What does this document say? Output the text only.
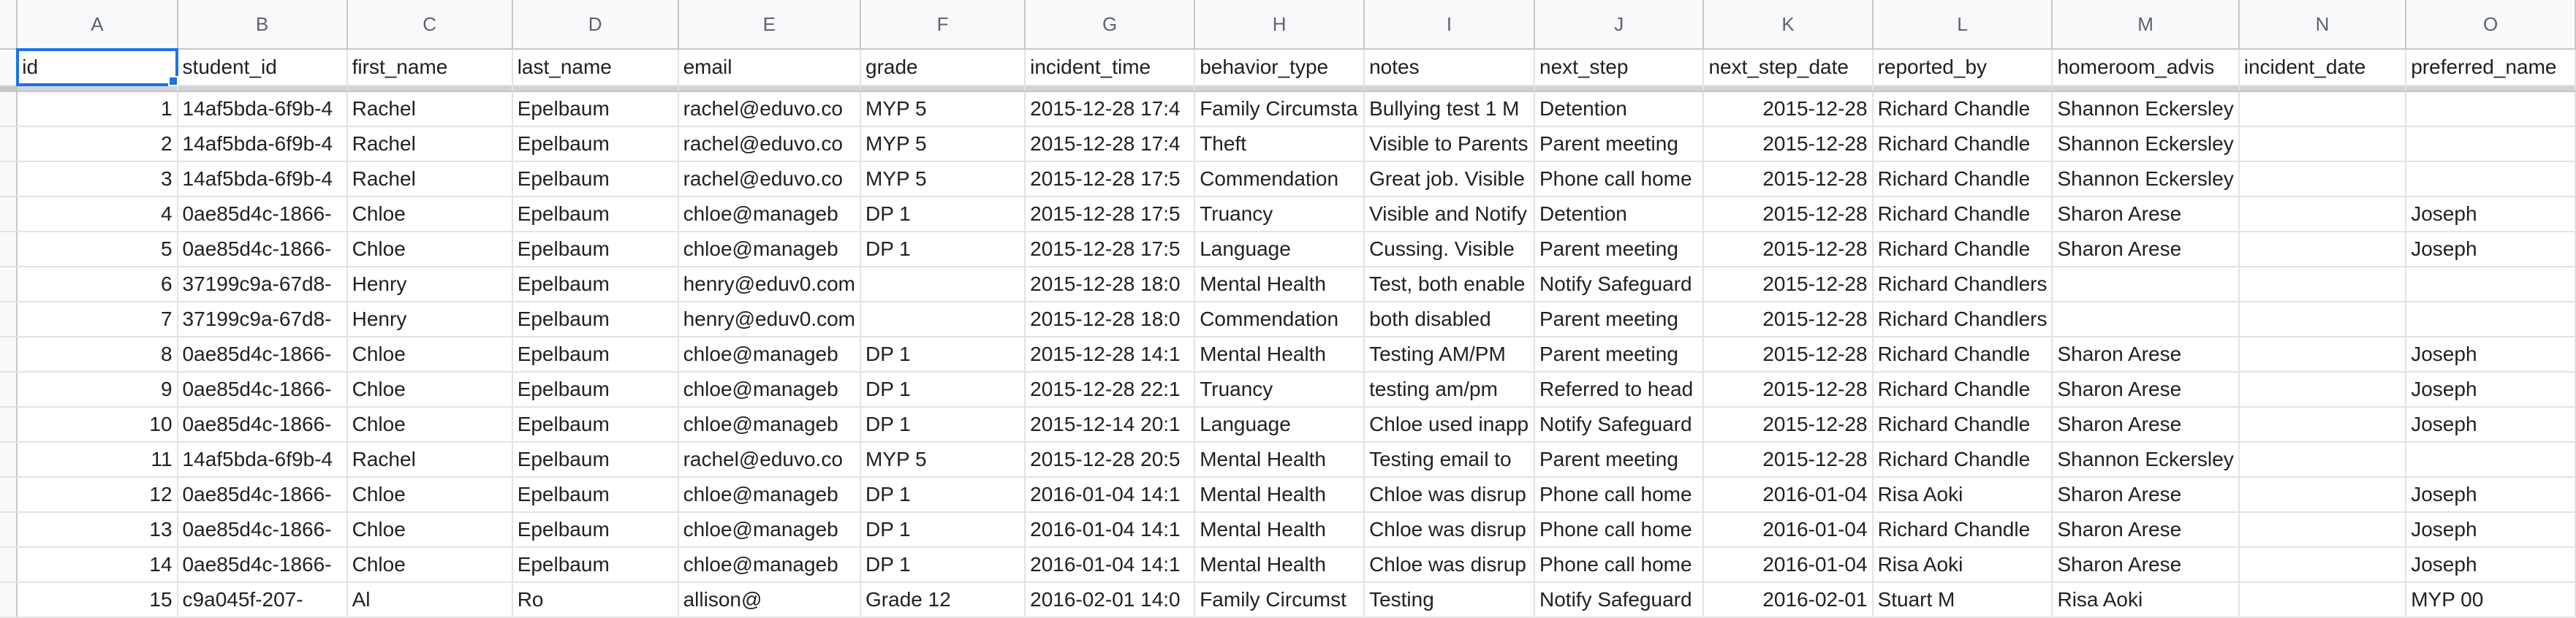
	A	B	C	D	E	F	G	H	I	J	K	L	M	N	O
	id	student_id	first_name	last_name	email	grade	incident_time	behavior_type	notes	next_step	next_step_date	reported_by	homeroom_advis	incident_date	preferred_name

	1	14af5bda-6f9b-4	Rachel	Epelbaum	rachel@eduvo.co	MYP 5	2015-12-28 17:4	Family Circumsta	Bullying test 1 M	Detention	2015-12-28	Richard Chandle	Shannon Eckersley		
	2	14af5bda-6f9b-4	Rachel	Epelbaum	rachel@eduvo.co	MYP 5	2015-12-28 17:4	Theft	Visible to Parents	Parent meeting	2015-12-28	Richard Chandle	Shannon Eckersley		
	3	14af5bda-6f9b-4	Rachel	Epelbaum	rachel@eduvo.co	MYP 5	2015-12-28 17:5	Commendation	Great job. Visible	Phone call home	2015-12-28	Richard Chandle	Shannon Eckersley		
	4	0ae85d4c-1866-	Chloe	Epelbaum	chloe@manageb	DP 1	2015-12-28 17:5	Truancy	Visible and Notify	Detention	2015-12-28	Richard Chandle	Sharon Arese		Joseph
	5	0ae85d4c-1866-	Chloe	Epelbaum	chloe@manageb	DP 1	2015-12-28 17:5	Language	Cussing. Visible	Parent meeting	2015-12-28	Richard Chandle	Sharon Arese		Joseph
	6	37199c9a-67d8-	Henry	Epelbaum	henry@eduv0.com		2015-12-28 18:0	Mental Health	Test, both enable	Notify Safeguard	2015-12-28	Richard Chandlers			
	7	37199c9a-67d8-	Henry	Epelbaum	henry@eduv0.com		2015-12-28 18:0	Commendation	both disabled	Parent meeting	2015-12-28	Richard Chandlers			
	8	0ae85d4c-1866-	Chloe	Epelbaum	chloe@manageb	DP 1	2015-12-28 14:1	Mental Health	Testing AM/PM	Parent meeting	2015-12-28	Richard Chandle	Sharon Arese		Joseph
	9	0ae85d4c-1866-	Chloe	Epelbaum	chloe@manageb	DP 1	2015-12-28 22:1	Truancy	testing am/pm	Referred to head	2015-12-28	Richard Chandle	Sharon Arese		Joseph
	10	0ae85d4c-1866-	Chloe	Epelbaum	chloe@manageb	DP 1	2015-12-14 20:1	Language	Chloe used inapp	Notify Safeguard	2015-12-28	Richard Chandle	Sharon Arese		Joseph
	11	14af5bda-6f9b-4	Rachel	Epelbaum	rachel@eduvo.co	MYP 5	2015-12-28 20:5	Mental Health	Testing email to	Parent meeting	2015-12-28	Richard Chandle	Shannon Eckersley		
	12	0ae85d4c-1866-	Chloe	Epelbaum	chloe@manageb	DP 1	2016-01-04 14:1	Mental Health	Chloe was disrup	Phone call home	2016-01-04	Risa Aoki	Sharon Arese		Joseph
	13	0ae85d4c-1866-	Chloe	Epelbaum	chloe@manageb	DP 1	2016-01-04 14:1	Mental Health	Chloe was disrup	Phone call home	2016-01-04	Richard Chandle	Sharon Arese		Joseph
	14	0ae85d4c-1866-	Chloe	Epelbaum	chloe@manageb	DP 1	2016-01-04 14:1	Mental Health	Chloe was disrup	Phone call home	2016-01-04	Risa Aoki	Sharon Arese		Joseph
	15	c9a045f-207-	Al	Ro	allison@	Grade 12	2016-02-01 14:0	Family Circumst	Testing	Notify Safeguard	2016-02-01	Stuart M	Risa Aoki		MYP 00
